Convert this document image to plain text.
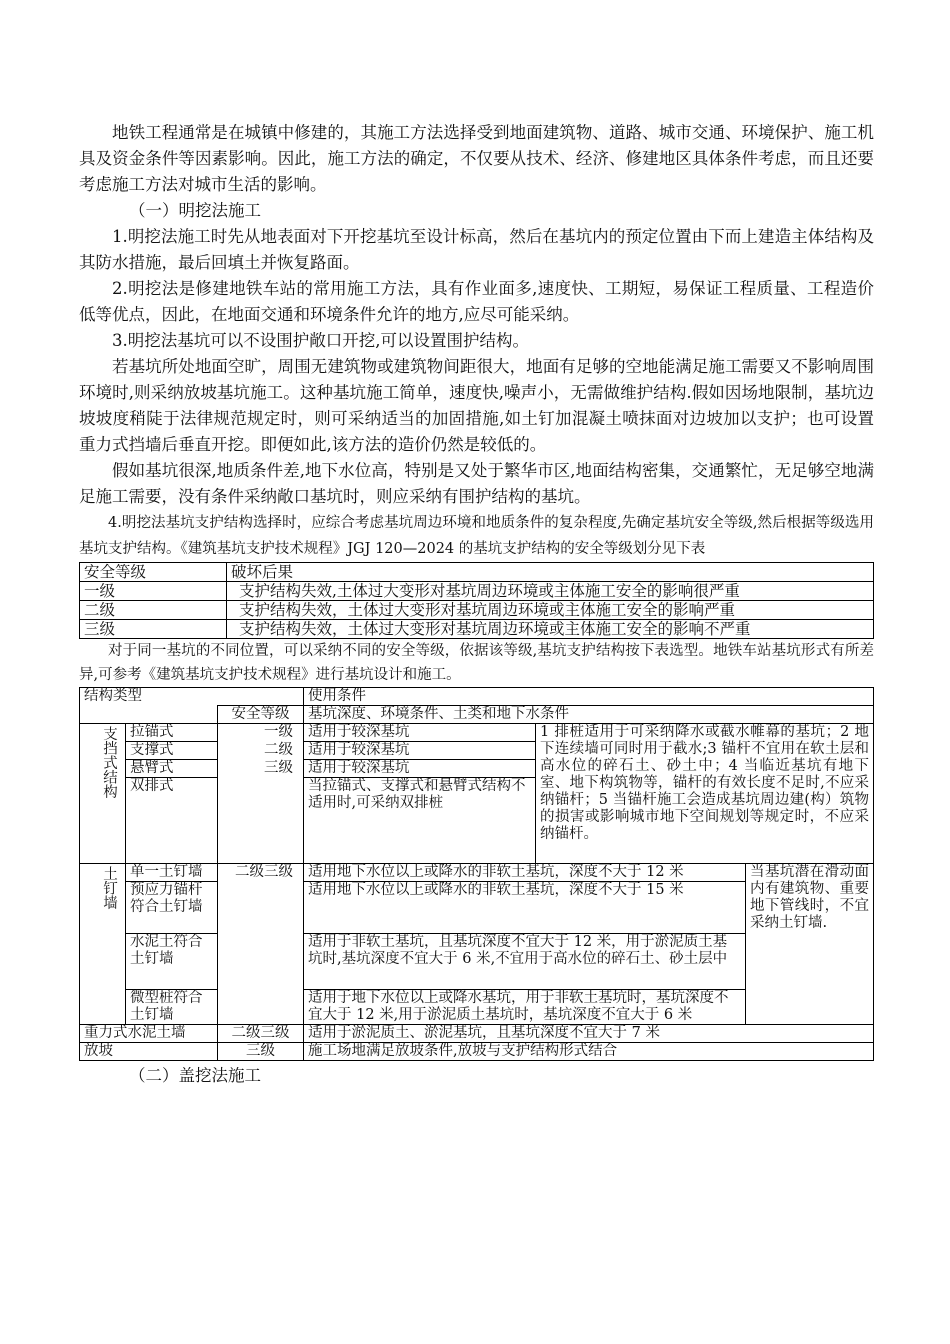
地铁工程通常是在城镇中修建的，其施工方法选择受到地面建筑物、道路、城市交通、环境保护、施工机具及资金条件等因素影响。因此，施工方法的确定，不仅要从技术、经济、修建地区具体条件考虑，而且还要考虑施工方法对城市生活的影响。

（一）明挖法施工

1.明挖法施工时先从地表面对下开挖基坑至设计标高，然后在基坑内的预定位置由下而上建造主体结构及其防水措施，最后回填土并恢复路面。

2.明挖法是修建地铁车站的常用施工方法，具有作业面多,速度快、工期短，易保证工程质量、工程造价低等优点，因此，在地面交通和环境条件允许的地方,应尽可能采纳。

3.明挖法基坑可以不设围护敞口开挖,可以设置围护结构。

若基坑所处地面空旷，周围无建筑物或建筑物间距很大，地面有足够的空地能满足施工需要又不影响周围环境时,则采纳放坡基坑施工。这种基坑施工简单，速度快,噪声小，无需做维护结构.假如因场地限制，基坑边坡坡度稍陡于法律规范规定时，则可采纳适当的加固措施,如土钉加混凝土喷抹面对边坡加以支护；也可设置重力式挡墙后垂直开挖。即便如此,该方法的造价仍然是较低的。

假如基坑很深,地质条件差,地下水位高，特别是又处于繁华市区,地面结构密集，交通繁忙，无足够空地满足施工需要，没有条件采纳敞口基坑时，则应采纳有围护结构的基坑。

4.明挖法基坑支护结构选择时，应综合考虑基坑周边环境和地质条件的复杂程度,先确定基坑安全等级,然后根据等级选用基坑支护结构。《建筑基坑支护技术规程》JGJ 120—2024 的基坑支护结构的安全等级划分见下表

安全等级	破坏后果
一级	支护结构失效,土体过大变形对基坑周边环境或主体施工安全的影响很严重
二级	支护结构失效，土体过大变形对基坑周边环境或主体施工安全的影响严重
三级	支护结构失效，土体过大变形对基坑周边环境或主体施工安全的影响不严重

对于同一基坑的不同位置，可以采纳不同的安全等级，依据该等级,基坑支护结构按下表选型。地铁车站基坑形式有所差异,可参考《建筑基坑支护技术规程》进行基坑设计和施工。

结构类型			使用条件		
		安全等级	基坑深度、环境条件、土类和地下水条件		
支挡式结构	拉锚式	一级	适用于较深基坑	1 排桩适用于可采纳降水或截水帷幕的基坑；2 地下连续墙可同时用于截水;3 锚杆不宜用在软土层和高水位的碎石土、砂土中；4 当临近基坑有地下室、地下构筑物等，锚杆的有效长度不足时,不应采纳锚杆；5 当锚杆施工会造成基坑周边建(构）筑物的损害或影响城市地下空间规划等规定时，不应采纳锚杆。	
	支撑式	二级	适用于较深基坑		
	悬臂式	三级	适用于较深基坑		
	双排式		当拉锚式、支撑式和悬臂式结构不适用时,可采纳双排桩		
土钉墙	单一土钉墙	二级三级	适用地下水位以上或降水的非软土基坑，深度不大于 12 米		当基坑潜在滑动面内有建筑物、重要地下管线时，不宜采纳土钉墙.
	预应力锚杆符合土钉墙		适用地下水位以上或降水的非软土基坑，深度不大于 15 米		
	水泥土符合土钉墙		适用于非软土基坑，且基坑深度不宜大于 12 米，用于淤泥质土基坑时,基坑深度不宜大于 6 米,不宜用于高水位的碎石土、砂土层中		
	微型桩符合土钉墙		适用于地下水位以上或降水基坑，用于非软土基坑时，基坑深度不宜大于 12 米,用于淤泥质土基坑时，基坑深度不宜大于 6 米		
重力式水泥土墙		二级三级	适用于淤泥质土、淤泥基坑，且基坑深度不宜大于 7 米		
放坡		三级	施工场地满足放坡条件,放坡与支护结构形式结合		

（二）盖挖法施工
